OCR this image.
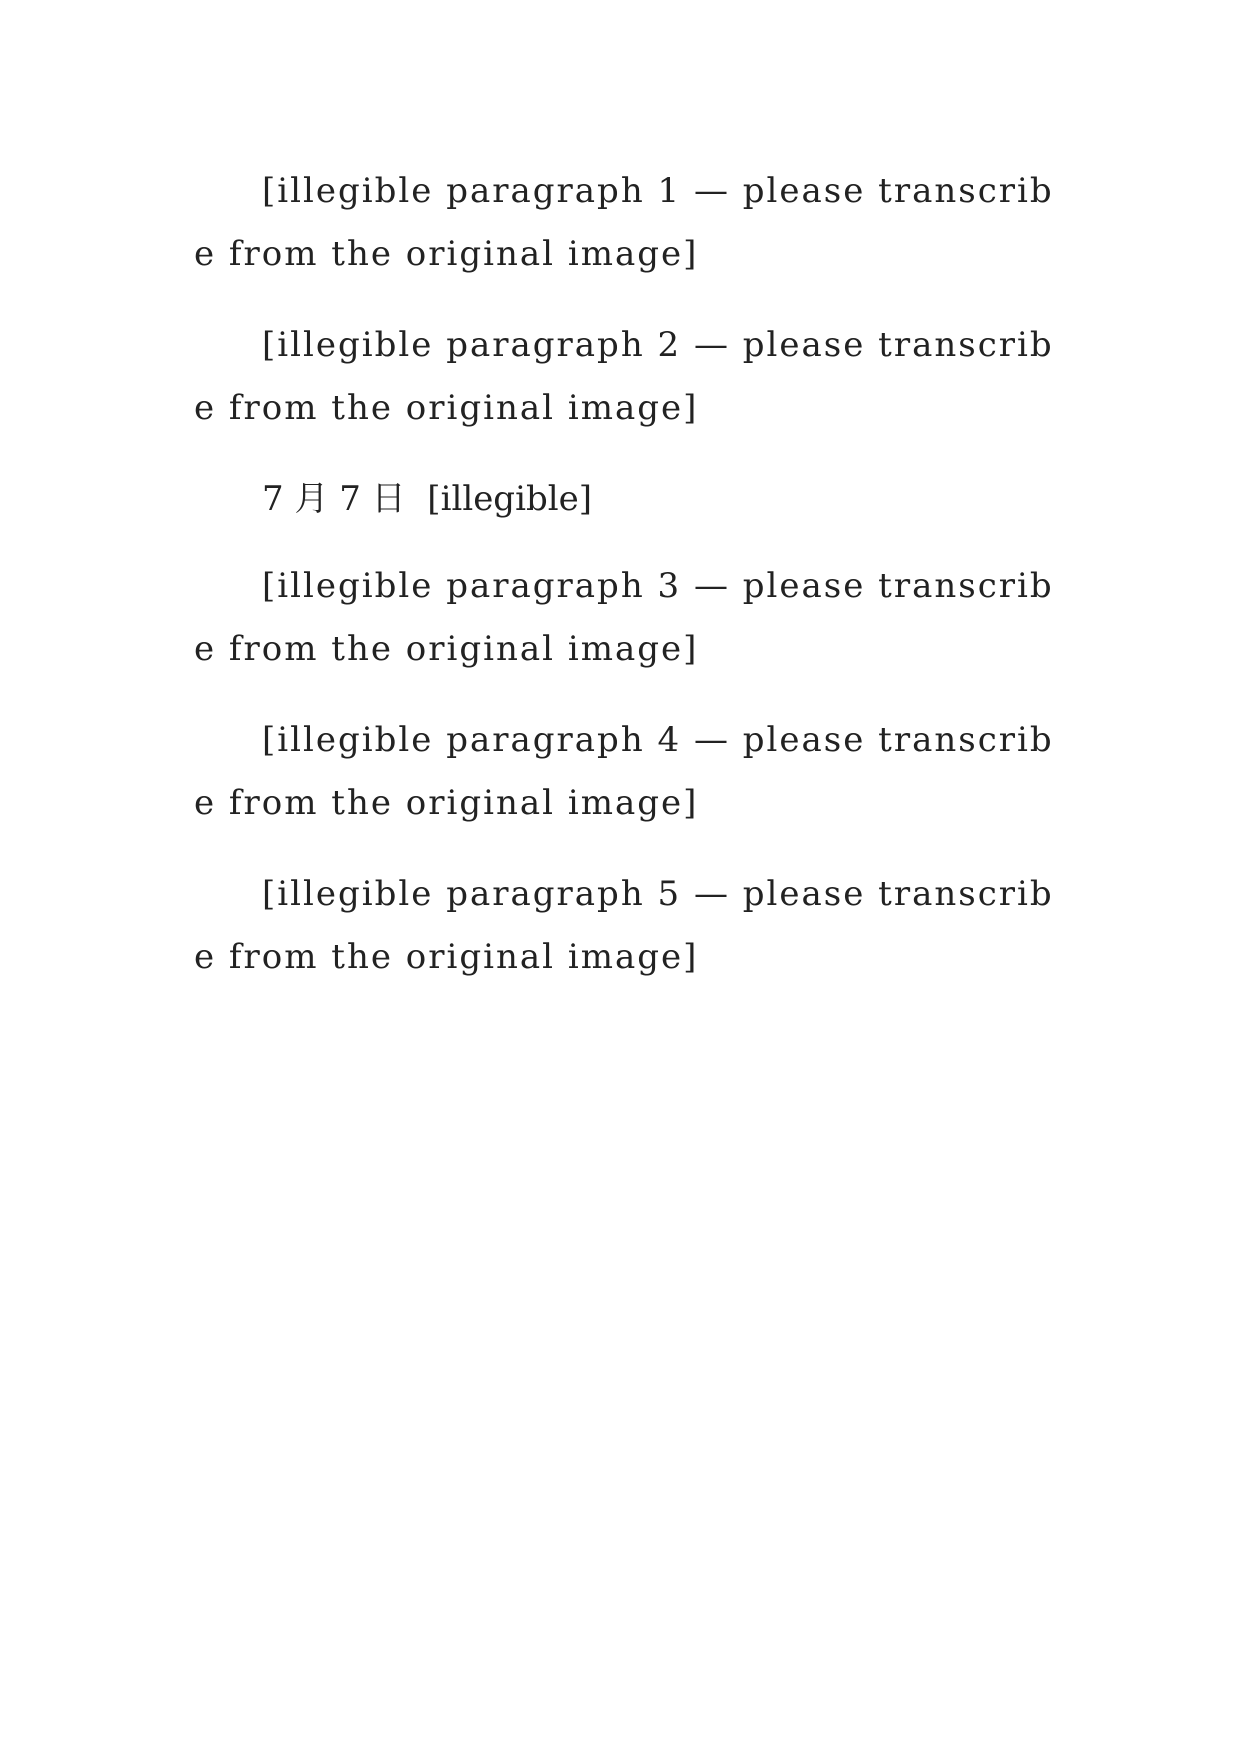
[illegible paragraph 1 — please transcribe from the original image]

[illegible paragraph 2 — please transcribe from the original image]

7 月 7 日  [illegible]

[illegible paragraph 3 — please transcribe from the original image]

[illegible paragraph 4 — please transcribe from the original image]

[illegible paragraph 5 — please transcribe from the original image]
